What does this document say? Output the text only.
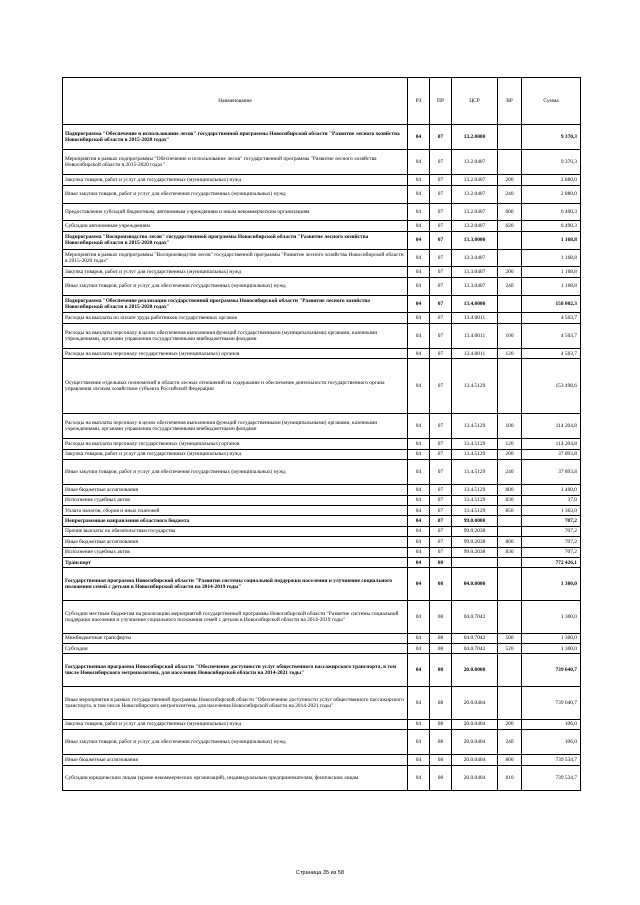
Наименование	РЗ	ПР	ЦСР	ВР	Сумма
Подпрограмма "Обеспечение и использование лесов" государственной программы Новосибирской области "Развитие лесного хозяйства Новосибирской области в 2015-2020 годах"	04	07	13.2.0000		9 370,3
Мероприятия в рамках подпрограммы "Обеспечение и использование лесов" государственной программы "Развитие лесного хозяйства Новосибирской области в 2015-2020 годах"	04	07	13.2.0407		9 370,3
Закупка товаров, работ и услуг для государственных (муниципальных) нужд	04	07	13.2.0407	200	2 880,0
Иные закупки товаров, работ и услуг для обеспечения государственных (муниципальных) нужд	04	07	13.2.0407	240	2 880,0
Предоставление субсидий бюджетным, автономным учреждениям и иным некоммерческим организациям	04	07	13.2.0407	600	6 490,3
Субсидии автономным учреждениям	04	07	13.2.0407	620	6 490,3
Подпрограмма "Воспроизводство лесов" государственной программы Новосибирской области "Развитие лесного хозяйства Новосибирской области в 2015-2020 годах"	04	07	13.3.0000		1 168,8
Мероприятия в рамках подпрограммы "Воспроизводство лесов" государственной программы "Развитие лесного хозяйства Новосибирской области в 2015-2020 годах"	04	07	13.3.0407		1 168,8
Закупка товаров, работ и услуг для государственных (муниципальных) нужд	04	07	13.3.0407	200	1 168,8
Иные закупки товаров, работ и услуг для обеспечения государственных (муниципальных) нужд	04	07	13.3.0407	240	1 168,8
Подпрограмма "Обеспечение реализации государственной программы Новосибирской области "Развитие лесного хозяйства Новосибирской области в 2015-2020 годах"	04	07	13.4.0000		158 002,3
Расходы на выплаты по оплате труда работников государственных органов	04	07	13.4.0011		4 503,7
Расходы на выплаты персоналу в целях обеспечения выполнения функций государственными (муниципальными) органами, казенными учреждениями, органами управления государственными внебюджетными фондами	04	07	13.4.0011	100	4 503,7
Расходы на выплаты персоналу государственных (муниципальных) органов	04	07	13.4.0011	120	4 503,7
Осуществление отдельных полномочий в области лесных отношений на содержание и обеспечение деятельности государственного органа управления лесным хозяйством субъекта Российской Федерации	04	07	13.4.5129		153 498,6
Расходы на выплаты персоналу в целях обеспечения выполнения функций государственными (муниципальными) органами, казенными учреждениями, органами управления государственными внебюджетными фондами	04	07	13.4.5129	100	114 204,8
Расходы на выплаты персоналу государственных (муниципальных) органов	04	07	13.4.5129	120	114 204,8
Закупка товаров, работ и услуг для государственных (муниципальных) нужд	04	07	13.4.5129	200	37 893,8
Иные закупки товаров, работ и услуг для обеспечения государственных (муниципальных) нужд	04	07	13.4.5129	240	37 893,8
Иные бюджетные ассигнования	04	07	13.4.5129	800	1 400,0
Исполнение судебных актов	04	07	13.4.5129	830	37,0
Уплата налогов, сборов и иных платежей	04	07	13.4.5129	850	1 363,0
Непрограммные направления областного бюджета	04	07	99.0.0000		707,2
Прочие выплаты по обязательствам государства	04	07	99.0.2038		707,2
Иные бюджетные ассигнования	04	07	99.0.2038	800	707,2
Исполнение судебных актов	04	07	99.0.2038	830	707,2
Транспорт	04	08			772 426,1
Государственная программа Новосибирской области "Развитие системы социальной поддержки населения и улучшение социального положения семей с детьми в Новосибирской области на 2014-2019 годы"	04	08	04.0.0000		1 300,0
Субсидии местным бюджетам на реализацию мероприятий государственной программы Новосибирской области "Развитие системы социальной поддержки населения и улучшение социального положения семей с детьми в Новосибирской области на 2014-2019 годы"	04	08	04.0.7042		1 300,0
Межбюджетные трансферты	04	08	04.0.7042	500	1 300,0
Субсидии	04	08	04.0.7042	520	1 300,0
Государственная программа Новосибирской области "Обеспечение доступности услуг общественного пассажирского транспорта, в том числе Новосибирского метрополитена, для населения Новосибирской области на 2014-2021 годы"	04	08	20.0.0000		739 640,7
Иные мероприятия в рамках государственной программы Новосибирской области "Обеспечение доступности услуг общественного пассажирского транспорта, в том числе Новосибирского метрополитена, для населения Новосибирской области на 2014-2021 годы"	04	08	20.0.0404		739 640,7
Закупка товаров, работ и услуг для государственных (муниципальных) нужд	04	08	20.0.0404	200	106,0
Иные закупки товаров, работ и услуг для обеспечения государственных (муниципальных) нужд	04	08	20.0.0404	240	106,0
Иные бюджетные ассигнования	04	08	20.0.0404	800	739 534,7
Субсидии юридическим лицам (кроме некоммерческих организаций), индивидуальным предпринимателям, физическим лицам	04	08	20.0.0404	810	739 534,7
Страница 35 из 58
